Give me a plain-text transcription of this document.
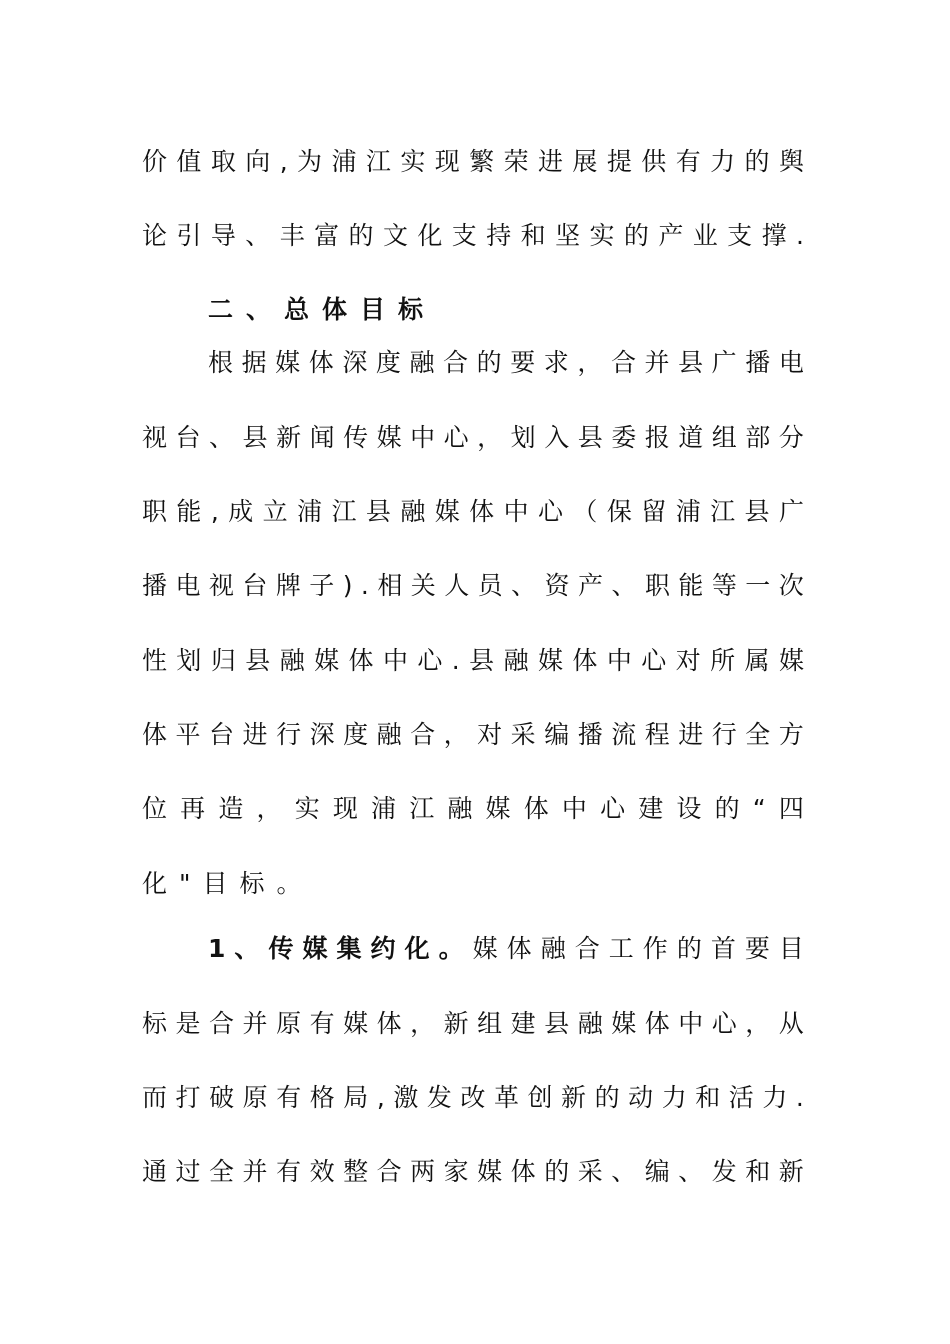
价 值 取 向 , 为 浦 江 实 现 繁 荣 进 展 提 供 有 力 的 舆
论 引 导 、 丰 富 的 文 化 支 持 和 坚 实 的 产 业 支 撑 .
二、总体目标
根 据 媒 体 深 度 融 合 的 要 求 ， 合 并 县 广 播 电
视 台 、 县 新 闻 传 媒 中 心 ， 划 入 县 委 报 道 组 部 分
职 能 , 成 立 浦 江 县 融 媒 体 中 心 （ 保 留 浦 江 县 广
播 电 视 台 牌 子 ) . 相 关 人 员 、 资 产 、 职 能 等 一 次
性 划 归 县 融 媒 体 中 心 . 县 融 媒 体 中 心 对 所 属 媒
体 平 台 进 行 深 度 融 合 ， 对 采 编 播 流 程 进 行 全 方
位 再 造 ， 实 现 浦 江 融 媒 体 中 心 建 设 的 “ 四
化"目标。
1 、 传 媒 集 约 化 。 媒 体 融 合 工 作 的 首 要 目
标 是 合 并 原 有 媒 体 ， 新 组 建 县 融 媒 体 中 心 ， 从
而 打 破 原 有 格 局 , 激 发 改 革 创 新 的 动 力 和 活 力 .
通 过 全 并 有 效 整 合 两 家 媒 体 的 采 、 编 、 发 和 新
